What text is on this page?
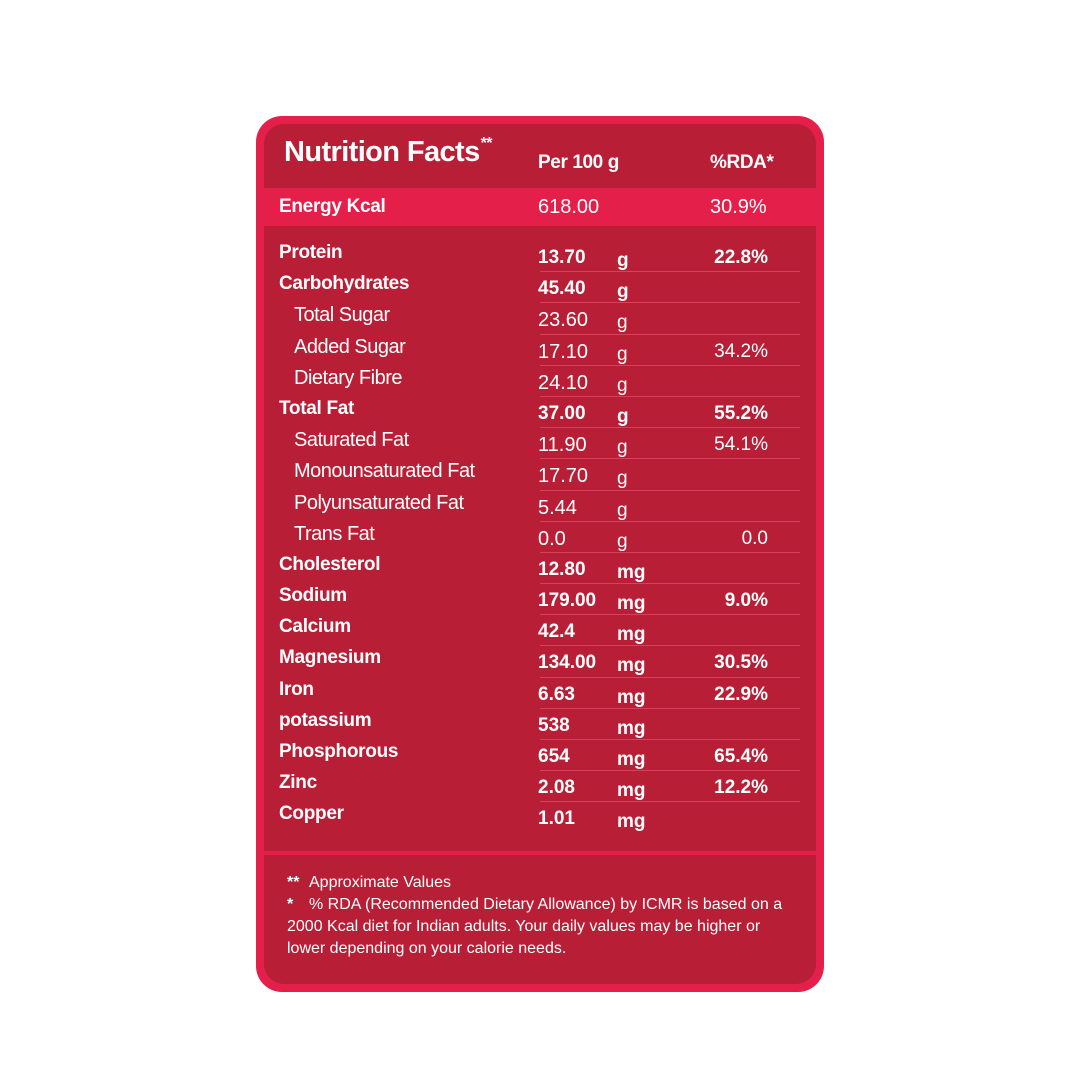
Nutrition Facts**
Per 100 g	%RDA*
Energy Kcal	618.00	30.9%
Protein	13.70 g	22.8%
Carbohydrates	45.40 g
Total Sugar	23.60 g
Added Sugar	17.10 g	34.2%
Dietary Fibre	24.10 g
Total Fat	37.00 g	55.2%
Saturated Fat	11.90 g	54.1%
Monounsaturated Fat	17.70 g
Polyunsaturated Fat	5.44 g
Trans Fat	0.0	g	0.0
Cholesterol	12.80 mg
Sodium	179.00 mg	9.0%
Calcium	42.4 mg
Magnesium	134.00 mg	30.5%
Iron	6.63 mg	22.9%
potassium	538 mg
Phosphorous	654 mg	65.4%
Zinc	2.08 mg	12.2%
Copper	1.01 mg
** Approximate Values
* % RDA (Recommended Dietary Allowance) by ICMR is based on a 2000 Kcal diet for Indian adults. Your daily values may be higher or lower depending on your calorie needs.
